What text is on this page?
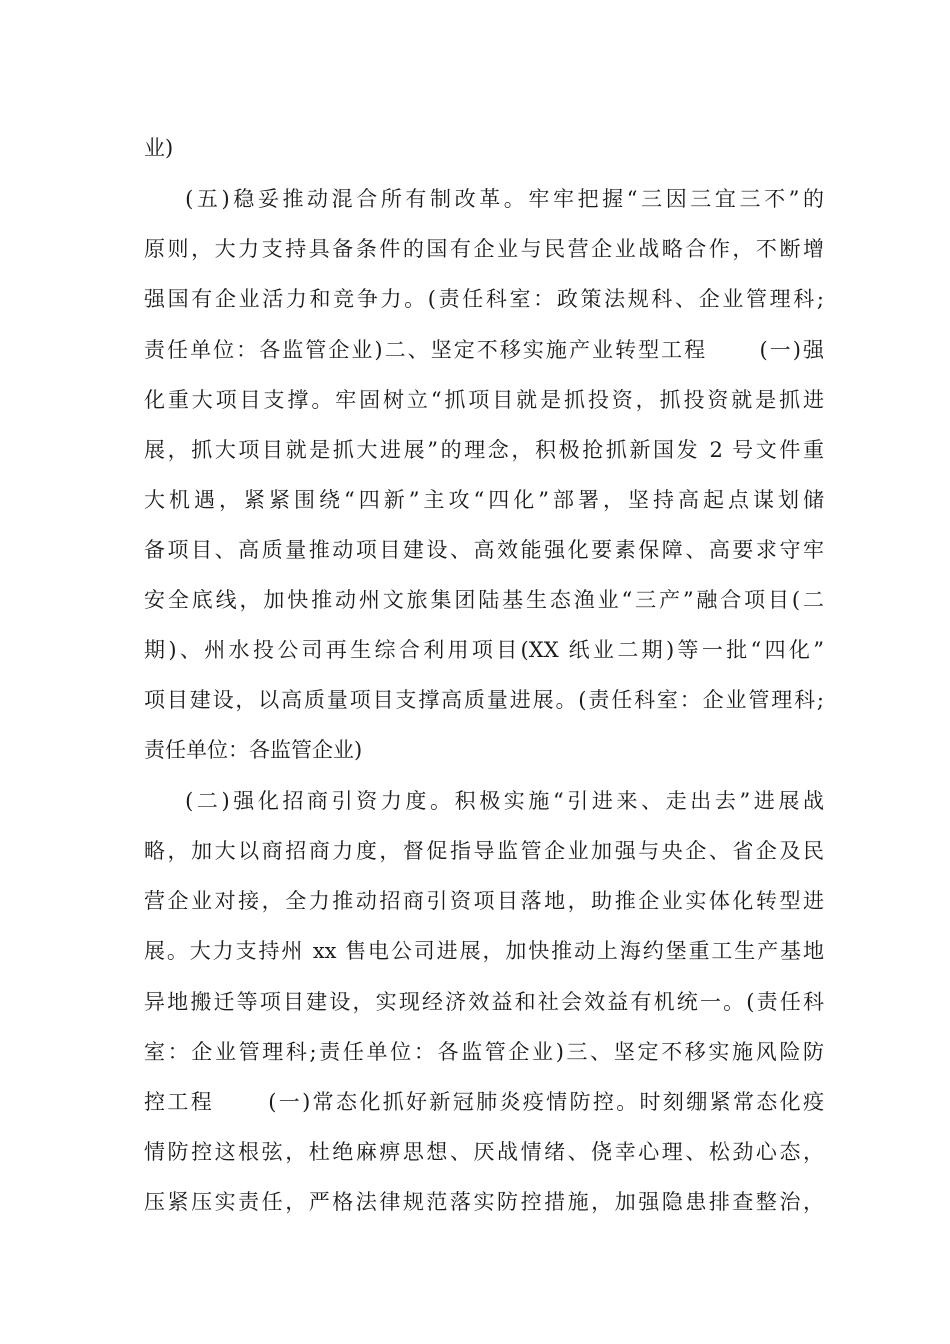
业)
(五)稳妥推动混合所有制改革。牢牢把握“三因三宜三不”的
原则，大力支持具备条件的国有企业与民营企业战略合作，不断增
强国有企业活力和竞争力。(责任科室：政策法规科、企业管理科;
责任单位：各监管企业)二、坚定不移实施产业转型工程      (一)强
化重大项目支撑。牢固树立“抓项目就是抓投资，抓投资就是抓进
展，抓大项目就是抓大进展”的理念，积极抢抓新国发 2 号文件重
大机遇，紧紧围绕“四新”主攻“四化”部署，坚持高起点谋划储
备项目、高质量推动项目建设、高效能强化要素保障、高要求守牢
安全底线，加快推动州文旅集团陆基生态渔业“三产”融合项目(二
期)、州水投公司再生综合利用项目(XX 纸业二期)等一批“四化”
项目建设，以高质量项目支撑高质量进展。(责任科室：企业管理科;
责任单位：各监管企业)
(二)强化招商引资力度。积极实施“引进来、走出去”进展战
略，加大以商招商力度，督促指导监管企业加强与央企、省企及民
营企业对接，全力推动招商引资项目落地，助推企业实体化转型进
展。大力支持州 xx 售电公司进展，加快推动上海约堡重工生产基地
异地搬迁等项目建设，实现经济效益和社会效益有机统一。(责任科
室：企业管理科;责任单位：各监管企业)三、坚定不移实施风险防
控工程      (一)常态化抓好新冠肺炎疫情防控。时刻绷紧常态化疫
情防控这根弦，杜绝麻痹思想、厌战情绪、侥幸心理、松劲心态，
压紧压实责任，严格法律规范落实防控措施，加强隐患排查整治，
